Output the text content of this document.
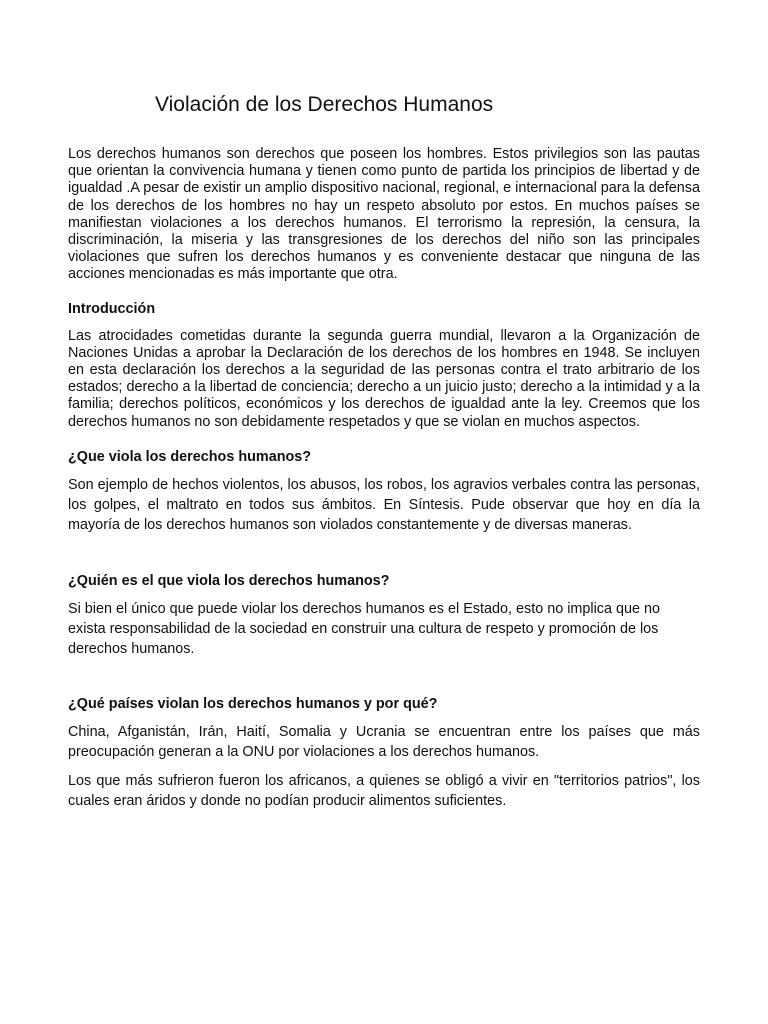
Violación de los Derechos Humanos

Los derechos humanos son derechos que poseen los hombres. Estos privilegios son las pautas que orientan la convivencia humana y tienen como punto de partida los principios de libertad y de igualdad .A pesar de existir un amplio dispositivo nacional, regional, e internacional para la defensa de los derechos de los hombres no hay un respeto absoluto por estos. En muchos países se manifiestan violaciones a los derechos humanos. El terrorismo la represión, la censura, la discriminación, la miseria y las transgresiones de los derechos del niño son las principales violaciones que sufren los derechos humanos y es conveniente destacar que ninguna de las acciones mencionadas es más importante que otra.

Introducción

Las atrocidades cometidas durante la segunda guerra mundial, llevaron a la Organización de Naciones Unidas a aprobar la Declaración de los derechos de los hombres en 1948. Se incluyen en esta declaración los derechos a la seguridad de las personas contra el trato arbitrario de los estados; derecho a la libertad de conciencia; derecho a un juicio justo; derecho a la intimidad y a la familia; derechos políticos, económicos y los derechos de igualdad ante la ley. Creemos que los derechos humanos no son debidamente respetados y que se violan en muchos aspectos.

¿Que viola los derechos humanos?

Son ejemplo de hechos violentos, los abusos, los robos, los agravios verbales contra las personas, los golpes, el maltrato en todos sus ámbitos. En Síntesis. Pude observar que hoy en día la mayoría de los derechos humanos son violados constantemente y de diversas maneras.

¿Quién es el que viola los derechos humanos?

Si bien el único que puede violar los derechos humanos es el Estado, esto no implica que no exista responsabilidad de la sociedad en construir una cultura de respeto y promoción de los derechos humanos.

¿Qué países violan los derechos humanos y por qué?

China, Afganistán, Irán, Haití, Somalia y Ucrania se encuentran entre los países que más preocupación generan a la ONU por violaciones a los derechos humanos.

Los que más sufrieron fueron los africanos, a quienes se obligó a vivir en "territorios patrios", los cuales eran áridos y donde no podían producir alimentos suficientes.
